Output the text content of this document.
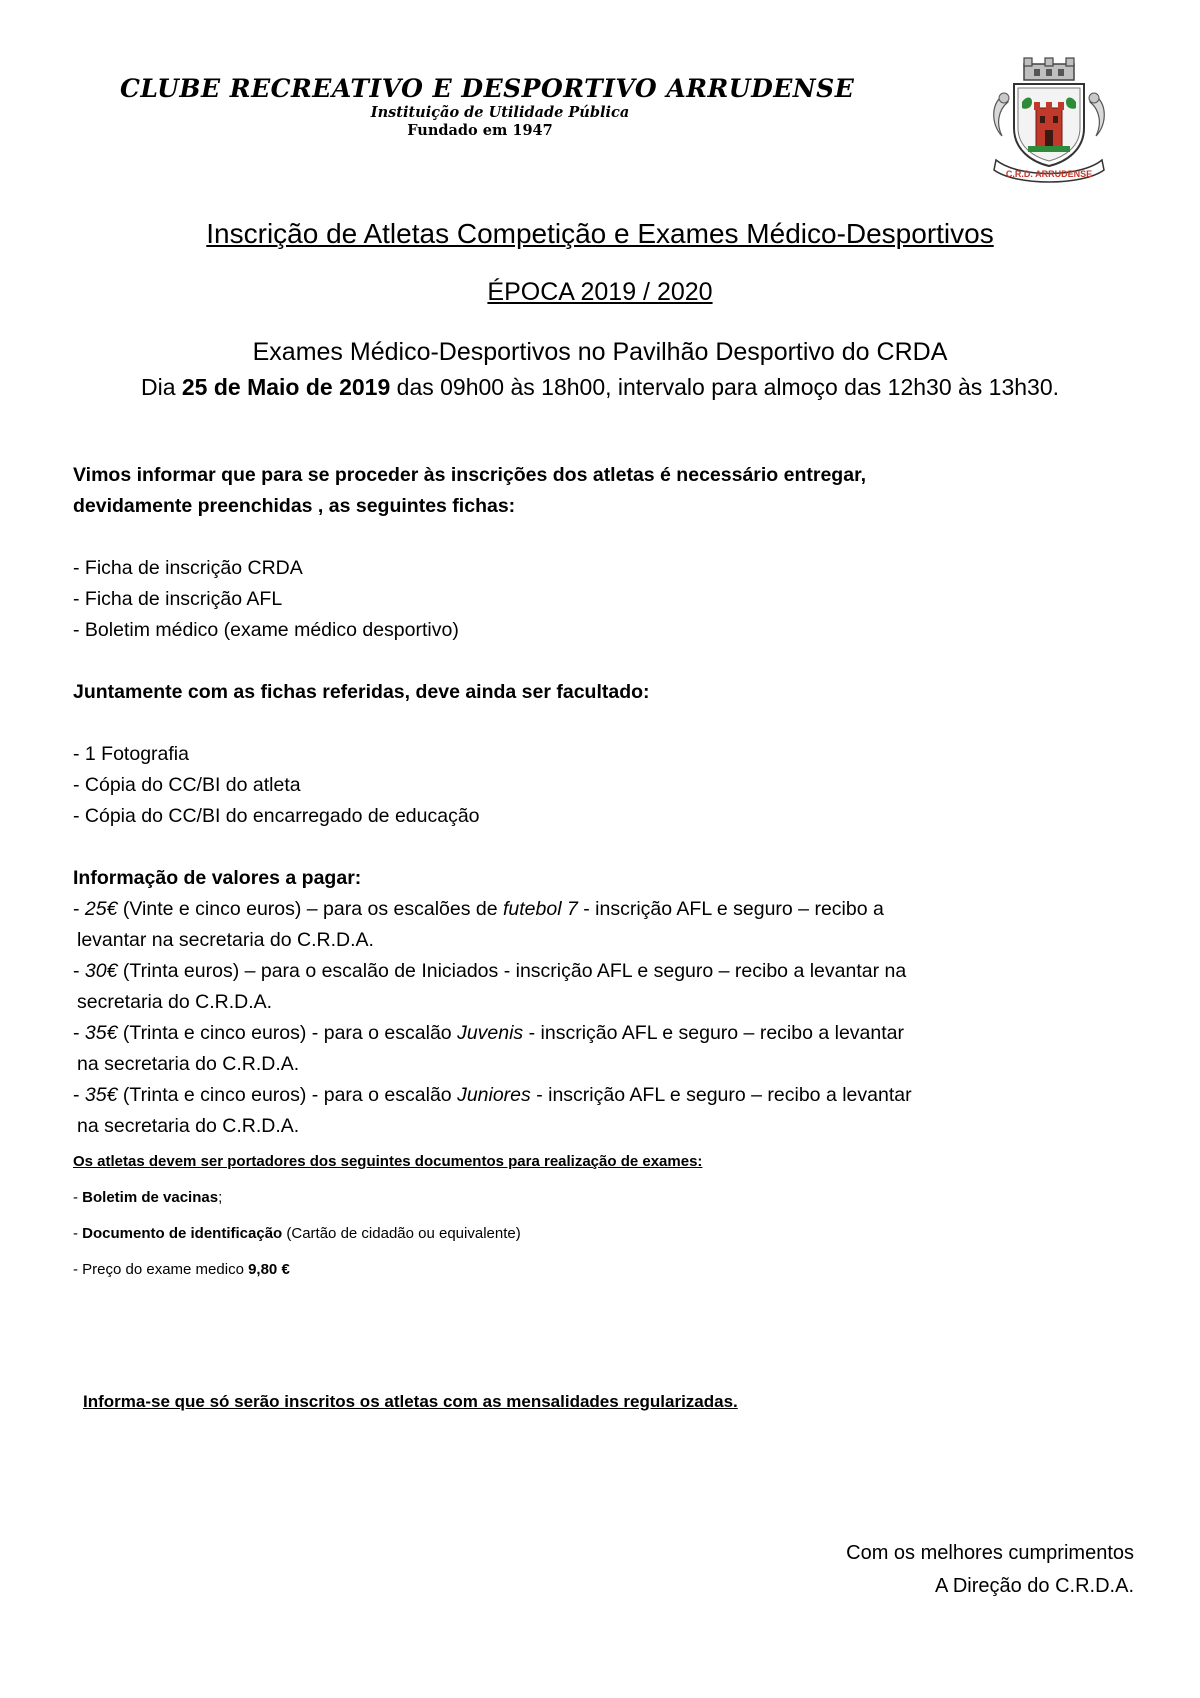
CLUBE RECREATIVO E DESPORTIVO ARRUDENSE
Instituição de Utilidade Pública
Fundado em 1947
C.R.D. ARRUDENSE
Inscrição de Atletas Competição e Exames Médico-Desportivos
ÉPOCA 2019 / 2020
Exames Médico-Desportivos no Pavilhão Desportivo do CRDA
Dia 25 de Maio de 2019 das 09h00 às 18h00, intervalo para almoço das 12h30 às 13h30.
Vimos informar que para se proceder às inscrições dos atletas é necessário entregar,
devidamente preenchidas , as seguintes fichas:
- Ficha de inscrição CRDA
- Ficha de inscrição AFL
- Boletim médico (exame médico desportivo)
Juntamente com as fichas referidas, deve ainda ser facultado:
- 1 Fotografia
- Cópia do CC/BI do atleta
- Cópia do CC/BI do encarregado de educação
Informação de valores a pagar:
- 25€ (Vinte e cinco euros) – para os escalões de futebol 7 - inscrição AFL e seguro – recibo a
levantar na secretaria do C.R.D.A.
- 30€ (Trinta euros) – para o escalão de Iniciados - inscrição AFL e seguro – recibo a levantar na
secretaria do C.R.D.A.
- 35€ (Trinta e cinco euros) - para o escalão Juvenis - inscrição AFL e seguro – recibo a levantar
na secretaria do C.R.D.A.
- 35€ (Trinta e cinco euros) - para o escalão Juniores - inscrição AFL e seguro – recibo a levantar
na secretaria do C.R.D.A.
Os atletas devem ser portadores dos seguintes documentos para realização de exames:
- Boletim de vacinas;
- Documento de identificação (Cartão de cidadão ou equivalente)
- Preço do exame medico 9,80 €
Informa-se que só serão inscritos os atletas com as mensalidades regularizadas.
Com os melhores cumprimentos
A Direção do C.R.D.A.
